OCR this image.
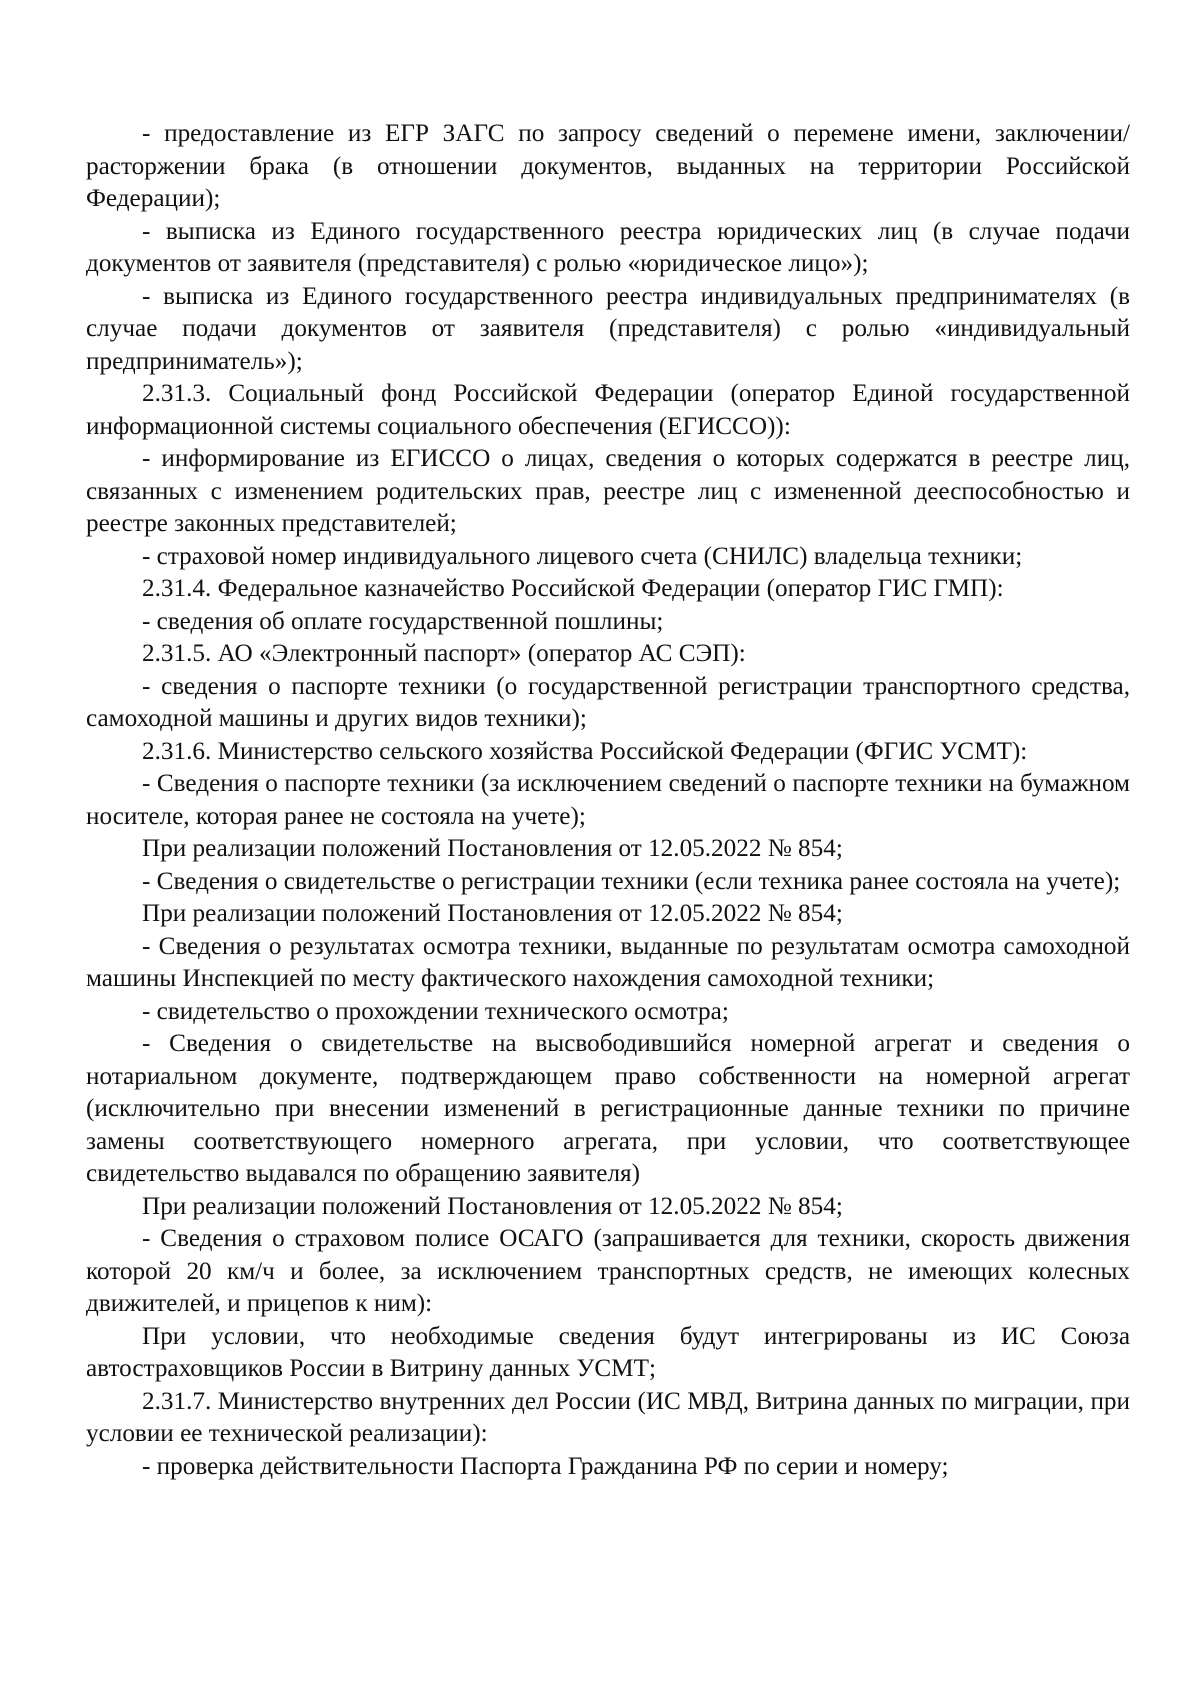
- предоставление из ЕГР ЗАГС по запросу сведений о перемене имени, заключении/расторжении брака (в отношении документов, выданных на территории Российской Федерации);

- выписка из Единого государственного реестра юридических лиц (в случае подачи документов от заявителя (представителя) с ролью «юридическое лицо»);

- выписка из Единого государственного реестра индивидуальных предпринимателях (в случае подачи документов от заявителя (представителя) с ролью «индивидуальный предприниматель»);

2.31.3. Социальный фонд Российской Федерации (оператор Единой государственной информационной системы социального обеспечения (ЕГИССО)):

- информирование из ЕГИССО о лицах, сведения о которых содержатся в реестре лиц, связанных с изменением родительских прав, реестре лиц с измененной дееспособностью и реестре законных представителей;

- страховой номер индивидуального лицевого счета (СНИЛС) владельца техники;

2.31.4. Федеральное казначейство Российской Федерации (оператор ГИС ГМП):

- сведения об оплате государственной пошлины;

2.31.5. АО «Электронный паспорт» (оператор АС СЭП):

- сведения о паспорте техники (о государственной регистрации транспортного средства, самоходной машины и других видов техники);

2.31.6. Министерство сельского хозяйства Российской Федерации (ФГИС УСМТ):

- Сведения о паспорте техники (за исключением сведений о паспорте техники на бумажном носителе, которая ранее не состояла на учете);

При реализации положений Постановления от 12.05.2022 № 854;

- Сведения о свидетельстве о регистрации техники (если техника ранее состояла на учете);

При реализации положений Постановления от 12.05.2022 № 854;

- Сведения о результатах осмотра техники, выданные по результатам осмотра самоходной машины Инспекцией по месту фактического нахождения самоходной техники;

- свидетельство о прохождении технического осмотра;

- Сведения о свидетельстве на высвободившийся номерной агрегат и сведения о нотариальном документе, подтверждающем право собственности на номерной агрегат (исключительно при внесении изменений в регистрационные данные техники по причине замены соответствующего номерного агрегата, при условии, что соответствующее свидетельство выдавался по обращению заявителя)

При реализации положений Постановления от 12.05.2022 № 854;

- Сведения о страховом полисе ОСАГО (запрашивается для техники, скорость движения которой 20 км/ч и более, за исключением транспортных средств, не имеющих колесных движителей, и прицепов к ним):

При условии, что необходимые сведения будут интегрированы из ИС Союза автостраховщиков России в Витрину данных УСМТ;

2.31.7. Министерство внутренних дел России (ИС МВД, Витрина данных по миграции, при условии ее технической реализации):

- проверка действительности Паспорта Гражданина РФ по серии и номеру;
